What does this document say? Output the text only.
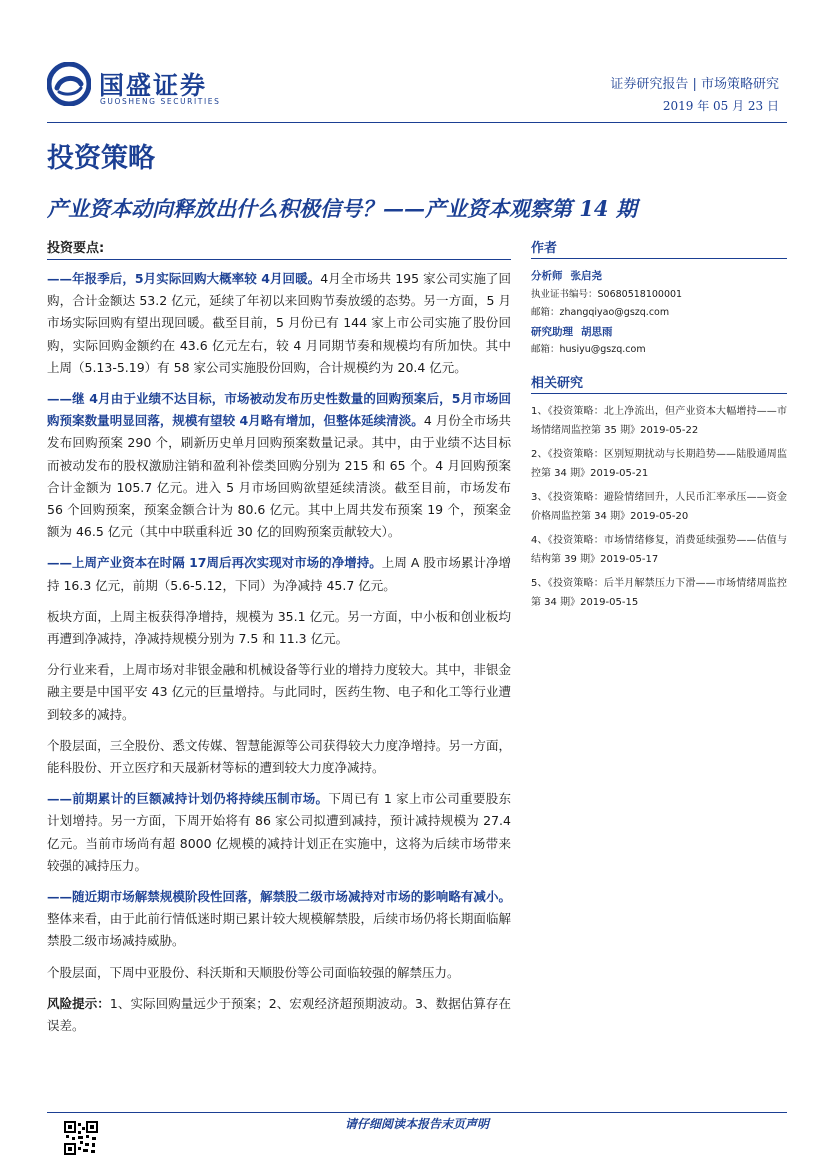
国盛证券
GUOSHENG SECURITIES
证券研究报告 | 市场策略研究
2019 年 05 月 23 日
投资策略
产业资本动向释放出什么积极信号？——产业资本观察第 14 期
投资要点:

——年报季后，5月实际回购大概率较 4月回暖。4月全市场共 195 家公司实施了回购，合计金额达 53.2 亿元，延续了年初以来回购节奏放缓的态势。另一方面，5 月市场实际回购有望出现回暖。截至目前，5 月份已有 144 家上市公司实施了股份回购，实际回购金额约在 43.6 亿元左右，较 4 月同期节奏和规模均有所加快。其中上周（5.13-5.19）有 58 家公司实施股份回购，合计规模约为 20.4 亿元。

——继 4月由于业绩不达目标，市场被动发布历史性数量的回购预案后，5月市场回购预案数量明显回落，规模有望较 4月略有增加，但整体延续清淡。4 月份全市场共发布回购预案 290 个，刷新历史单月回购预案数量记录。其中，由于业绩不达目标而被动发布的股权激励注销和盈利补偿类回购分别为 215 和 65 个。4 月回购预案合计金额为 105.7 亿元。进入 5 月市场回购欲望延续清淡。截至目前，市场发布 56 个回购预案，预案金额合计为 80.6 亿元。其中上周共发布预案 19 个，预案金额为 46.5 亿元（其中中联重科近 30 亿的回购预案贡献较大）。

——上周产业资本在时隔 17周后再次实现对市场的净增持。上周 A 股市场累计净增持 16.3 亿元，前期（5.6-5.12，下同）为净减持 45.7 亿元。

板块方面，上周主板获得净增持，规模为 35.1 亿元。另一方面，中小板和创业板均再遭到净减持，净减持规模分别为 7.5 和 11.3 亿元。

分行业来看，上周市场对非银金融和机械设备等行业的增持力度较大。其中，非银金融主要是中国平安 43 亿元的巨量增持。与此同时，医药生物、电子和化工等行业遭到较多的减持。

个股层面，三全股份、悉文传媒、智慧能源等公司获得较大力度净增持。另一方面，能科股份、开立医疗和天晟新材等标的遭到较大力度净减持。

——前期累计的巨额减持计划仍将持续压制市场。下周已有 1 家上市公司重要股东计划增持。另一方面，下周开始将有 86 家公司拟遭到减持，预计减持规模为 27.4 亿元。当前市场尚有超 8000 亿规模的减持计划正在实施中，这将为后续市场带来较强的减持压力。

——随近期市场解禁规模阶段性回落，解禁股二级市场减持对市场的影响略有减小。整体来看，由于此前行情低迷时期已累计较大规模解禁股，后续市场仍将长期面临解禁股二级市场减持威胁。

个股层面，下周中亚股份、科沃斯和天顺股份等公司面临较强的解禁压力。

风险提示：1、实际回购量远少于预案；2、宏观经济超预期波动。3、数据估算存在误差。

作者
分析师 张启尧
执业证书编号：S0680518100001
邮箱：zhangqiyao@gszq.com
研究助理 胡思雨
邮箱：husiyu@gszq.com
相关研究
1、《投资策略：北上净流出，但产业资本大幅增持——市场情绪周监控第 35 期》2019-05-22
2、《投资策略：区别短期扰动与长期趋势——陆股通周监控第 34 期》2019-05-21
3、《投资策略：避险情绪回升，人民币汇率承压——资金价格周监控第 34 期》2019-05-20
4、《投资策略：市场情绪修复，消费延续强势——估值与结构第 39 期》2019-05-17
5、《投资策略：后半月解禁压力下滑——市场情绪周监控第 34 期》2019-05-15
请仔细阅读本报告末页声明
